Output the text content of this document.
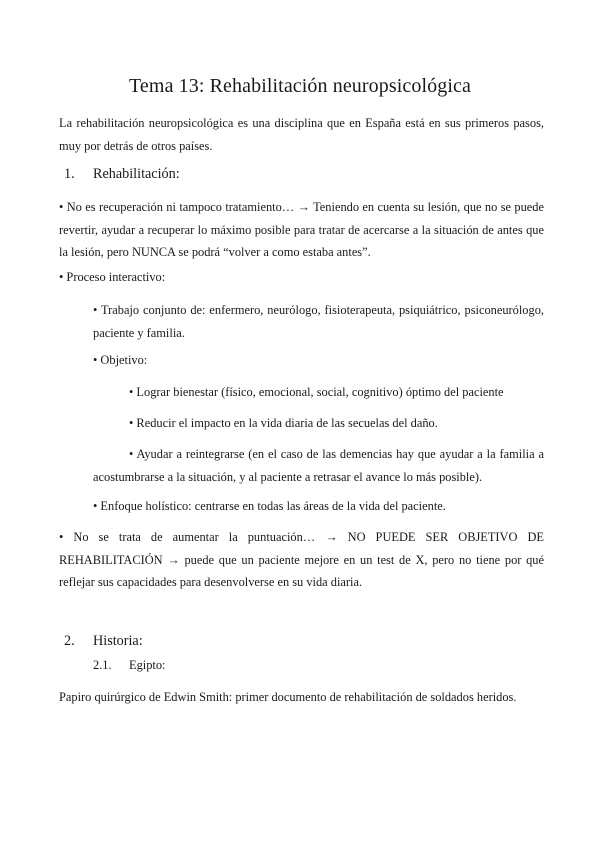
Tema 13: Rehabilitación neuropsicológica

La rehabilitación neuropsicológica es una disciplina que en España está en sus primeros pasos, muy por detrás de otros países.

1. Rehabilitación:

• No es recuperación ni tampoco tratamiento… → Teniendo en cuenta su lesión, que no se puede revertir, ayudar a recuperar lo máximo posible para tratar de acercarse a la situación de antes que la lesión, pero NUNCA se podrá “volver a como estaba antes”.

• Proceso interactivo:

• Trabajo conjunto de: enfermero, neurólogo, fisioterapeuta, psiquiátrico, psiconeurólogo, paciente y familia.

• Objetivo:

• Lograr bienestar (físico, emocional, social, cognitivo) óptimo del paciente

• Reducir el impacto en la vida diaria de las secuelas del daño.

• Ayudar a reintegrarse (en el caso de las demencias hay que ayudar a la familia a acostumbrarse a la situación, y al paciente a retrasar el avance lo más posible).

• Enfoque holístico: centrarse en todas las áreas de la vida del paciente.

• No se trata de aumentar la puntuación… → NO PUEDE SER OBJETIVO DE REHABILITACIÓN → puede que un paciente mejore en un test de X, pero no tiene por qué reflejar sus capacidades para desenvolverse en su vida diaria.

2. Historia:
2.1. Egipto:

Papiro quirúrgico de Edwin Smith: primer documento de rehabilitación de soldados heridos.
